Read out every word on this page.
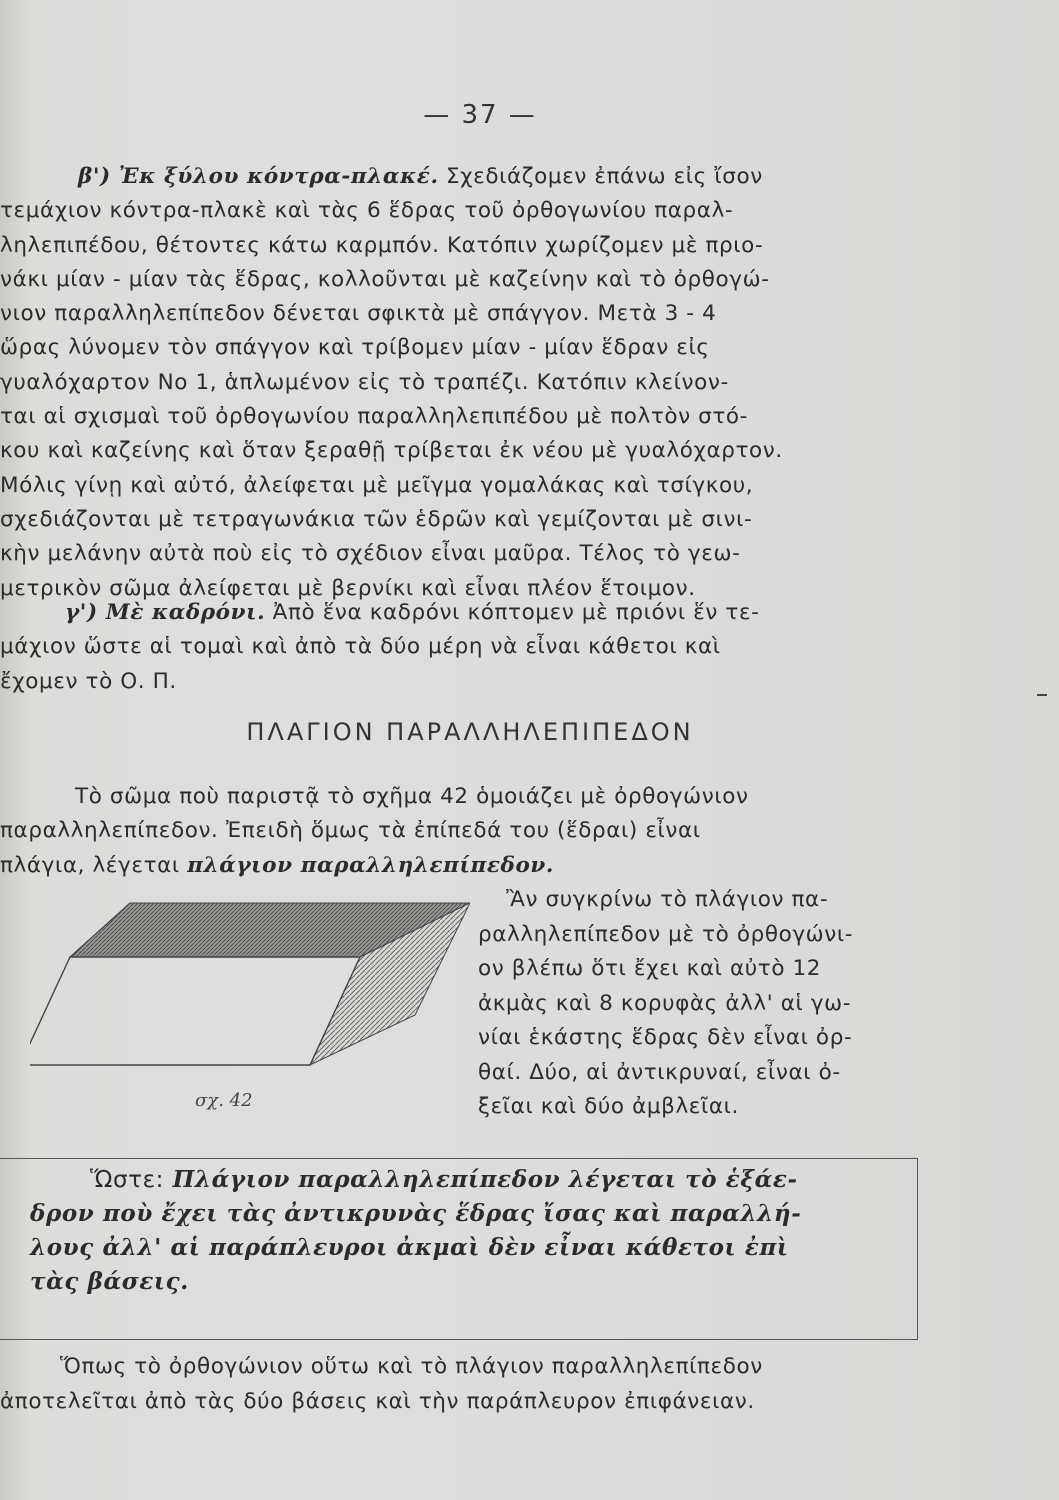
— 37 —
β') Ἐκ ξύλου κόντρα-πλακέ. Σχεδιάζομεν ἐπάνω εἰς ἴσον
τεμάχιον κόντρα-πλακὲ καὶ τὰς 6 ἕδρας τοῦ ὀρθογωνίου παραλ-
ληλεπιπέδου, θέτοντες κάτω καρμπόν. Κατόπιν χωρίζομεν μὲ πριο-
νάκι μίαν - μίαν τὰς ἕδρας, κολλοῦνται μὲ καζείνην καὶ τὸ ὀρθογώ-
νιον παραλληλεπίπεδον δένεται σφικτὰ μὲ σπάγγον. Μετὰ 3 - 4
ὥρας λύνομεν τὸν σπάγγον καὶ τρίβομεν μίαν - μίαν ἕδραν εἰς
γυαλόχαρτον Νο 1, ἁπλωμένον εἰς τὸ τραπέζι. Κατόπιν κλείνον-
ται αἱ σχισμαὶ τοῦ ὀρθογωνίου παραλληλεπιπέδου μὲ πολτὸν στό-
κου καὶ καζείνης καὶ ὅταν ξεραθῇ τρίβεται ἐκ νέου μὲ γυαλόχαρτον.
Μόλις γίνῃ καὶ αὐτό, ἀλείφεται μὲ μεῖγμα γομαλάκας καὶ τσίγκου,
σχεδιάζονται μὲ τετραγωνάκια τῶν ἑδρῶν καὶ γεμίζονται μὲ σινι-
κὴν μελάνην αὐτὰ ποὺ εἰς τὸ σχέδιον εἶναι μαῦρα. Τέλος τὸ γεω-
μετρικὸν σῶμα ἀλείφεται μὲ βερνίκι καὶ εἶναι πλέον ἕτοιμον.
γ') Μὲ καδρόνι. Ἀπὸ ἕνα καδρόνι κόπτομεν μὲ πριόνι ἕν τε-
μάχιον ὥστε αἱ τομαὶ καὶ ἀπὸ τὰ δύο μέρη νὰ εἶναι κάθετοι καὶ
ἔχομεν τὸ Ο. Π.
ΠΛΑΓΙΟΝ ΠΑΡΑΛΛΗΛΕΠΙΠΕΔΟΝ
Τὸ σῶμα ποὺ παριστᾷ τὸ σχῆμα 42 ὁμοιάζει μὲ ὀρθογώνιον
παραλληλεπίπεδον. Ἐπειδὴ ὅμως τὰ ἐπίπεδά του (ἕδραι) εἶναι
πλάγια, λέγεται πλάγιον παραλληλεπίπεδον.
σχ. 42
Ἂν συγκρίνω τὸ πλάγιον πα-
ραλληλεπίπεδον μὲ τὸ ὀρθογώνι-
ον βλέπω ὅτι ἔχει καὶ αὐτὸ 12
ἀκμὰς καὶ 8 κορυφὰς ἀλλ' αἱ γω-
νίαι ἑκάστης ἕδρας δὲν εἶναι ὀρ-
θαί. Δύο, αἱ ἀντικρυναί, εἶναι ὀ-
ξεῖαι καὶ δύο ἀμβλεῖαι.
Ὥστε: Πλάγιον παραλληλεπίπεδον λέγεται τὸ ἑξάε-
δρον ποὺ ἔχει τὰς ἀντικρυνὰς ἕδρας ἴσας καὶ παραλλή-
λους ἀλλ' αἱ παράπλευροι ἀκμαὶ δὲν εἶναι κάθετοι ἐπὶ
τὰς βάσεις.
Ὅπως τὸ ὀρθογώνιον οὕτω καὶ τὸ πλάγιον παραλληλεπίπεδον
ἀποτελεῖται ἀπὸ τὰς δύο βάσεις καὶ τὴν παράπλευρον ἐπιφάνειαν.
